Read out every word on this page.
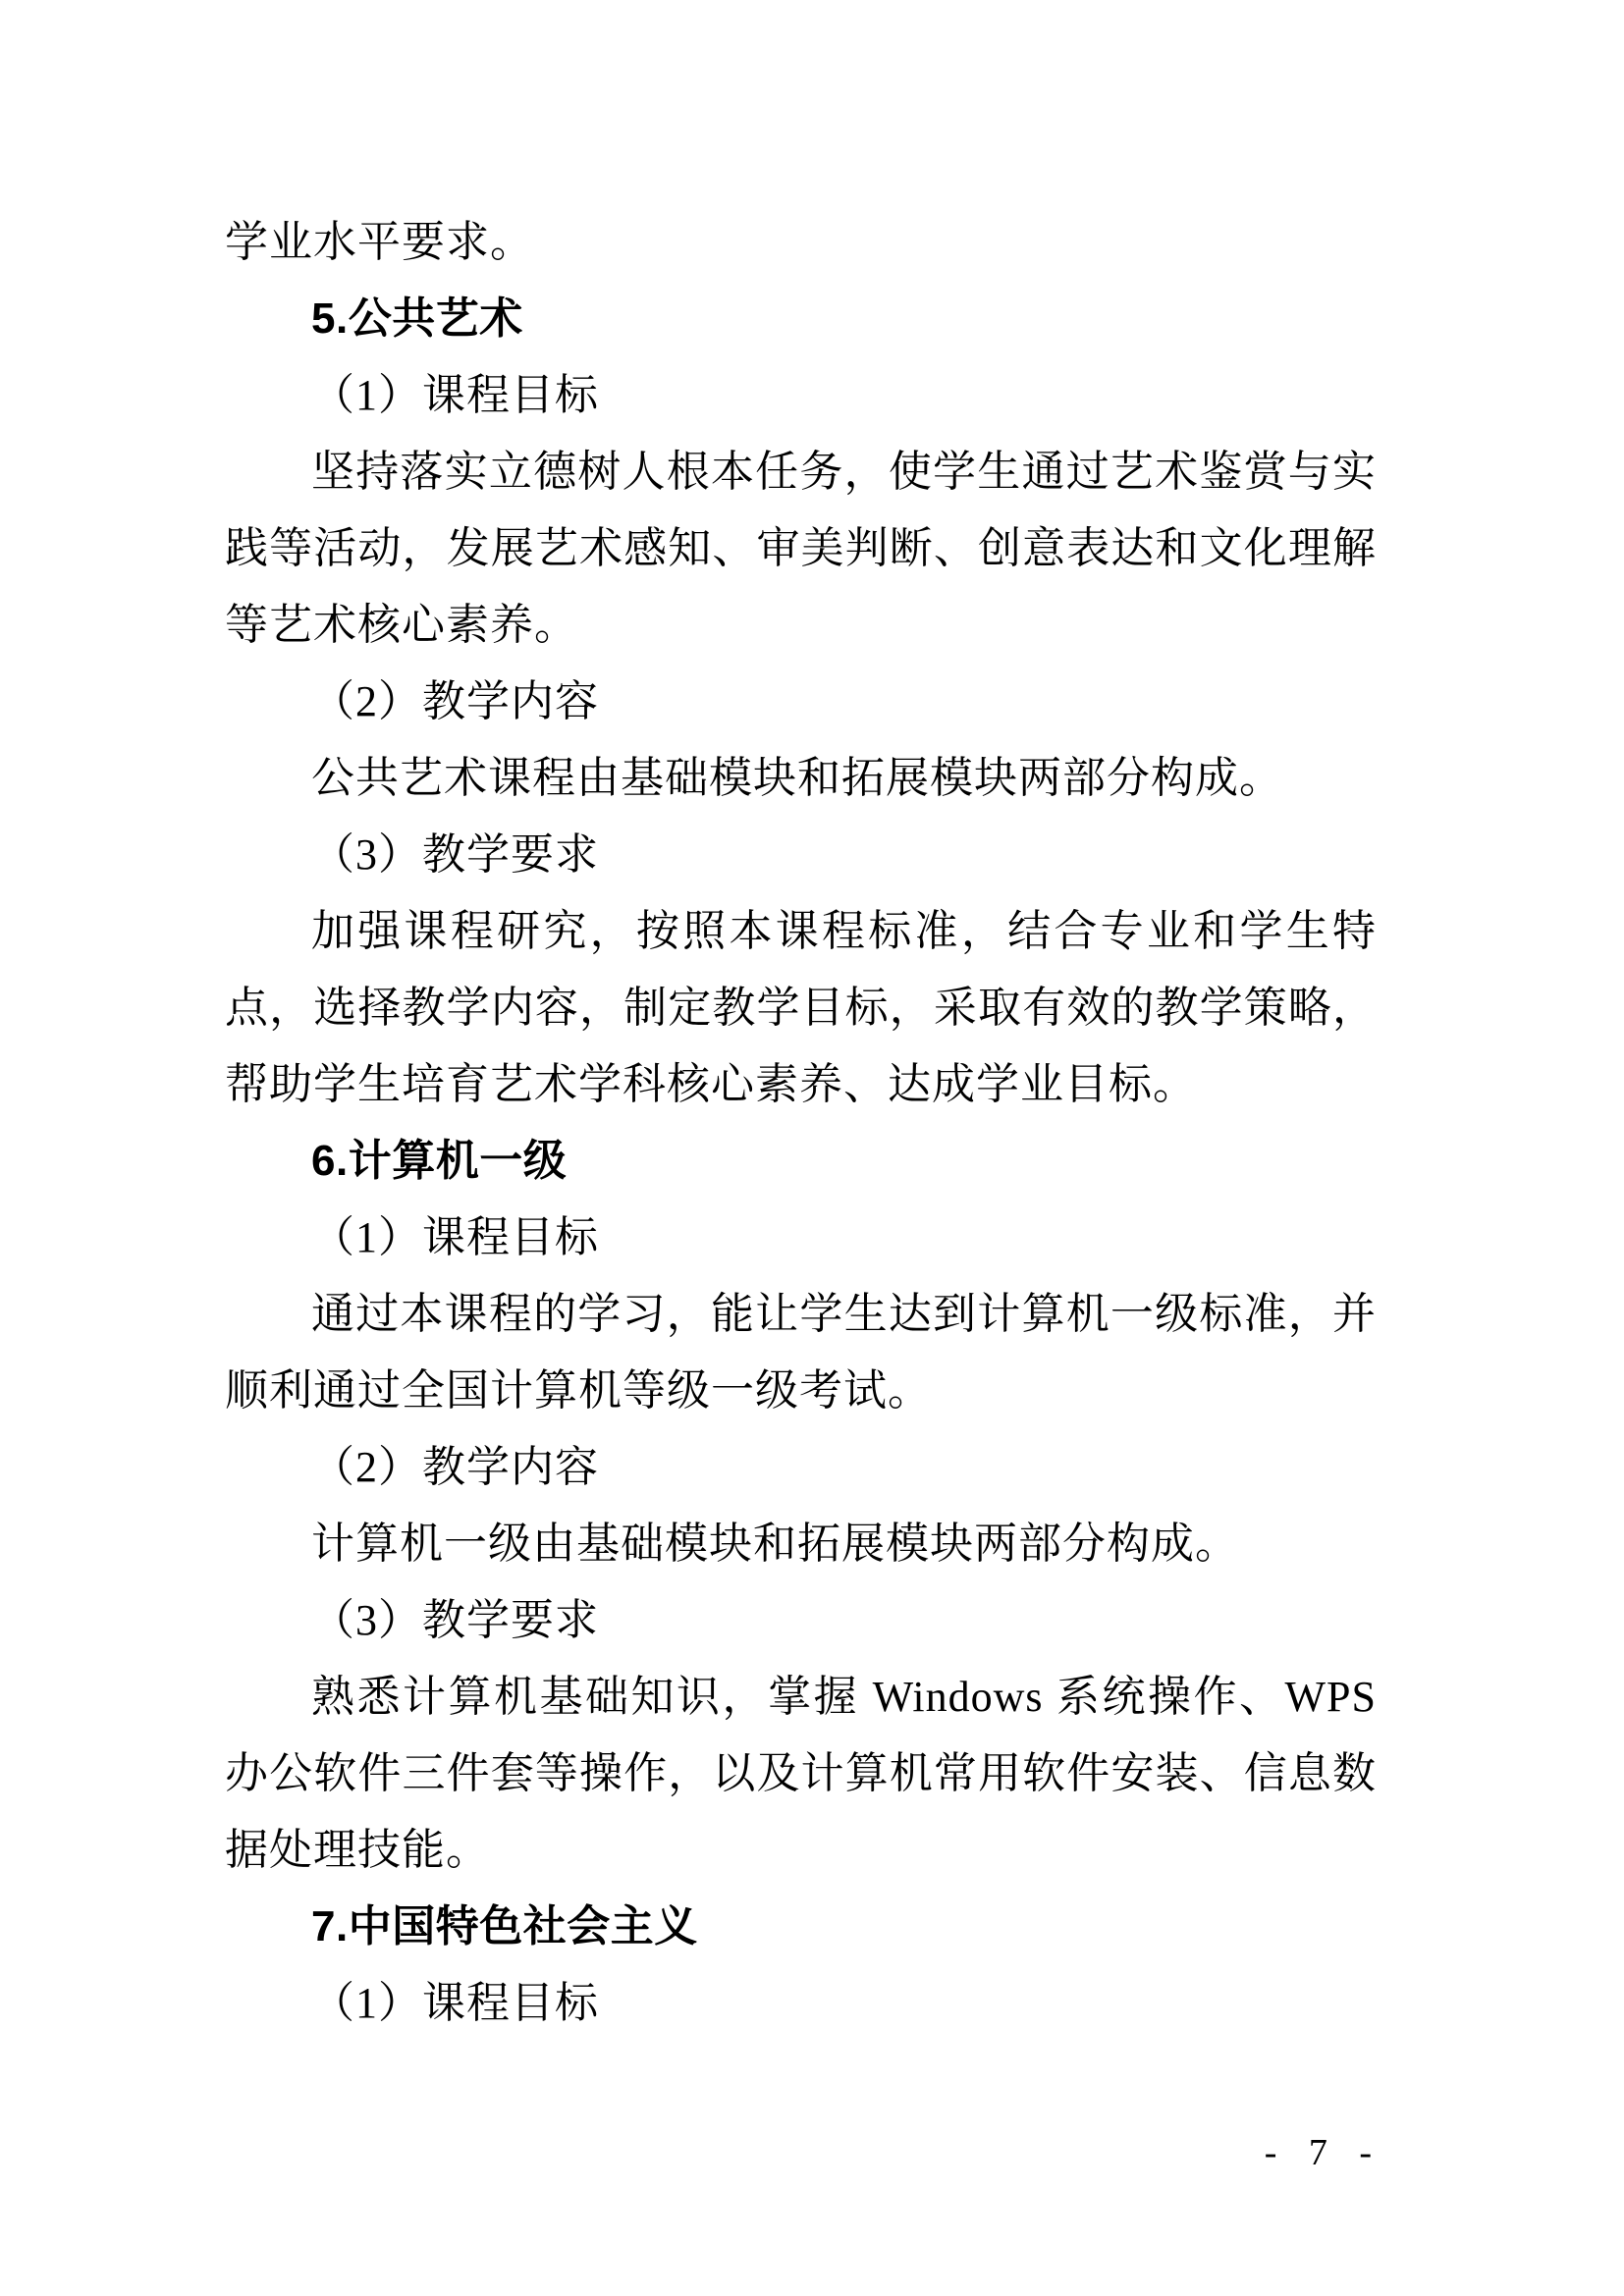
学业水平要求。

5.公共艺术

（1）课程目标

坚持落实立德树人根本任务，使学生通过艺术鉴赏与实践等活动，发展艺术感知、审美判断、创意表达和文化理解等艺术核心素养。

（2）教学内容

公共艺术课程由基础模块和拓展模块两部分构成。

（3）教学要求

加强课程研究，按照本课程标准，结合专业和学生特点，选择教学内容，制定教学目标，采取有效的教学策略，帮助学生培育艺术学科核心素养、达成学业目标。

6.计算机一级

（1）课程目标

通过本课程的学习，能让学生达到计算机一级标准，并顺利通过全国计算机等级一级考试。

（2）教学内容

计算机一级由基础模块和拓展模块两部分构成。

（3）教学要求

熟悉计算机基础知识，掌握 Windows 系统操作、WPS 办公软件三件套等操作，以及计算机常用软件安装、信息数据处理技能。

7.中国特色社会主义

（1）课程目标

- 7 -
